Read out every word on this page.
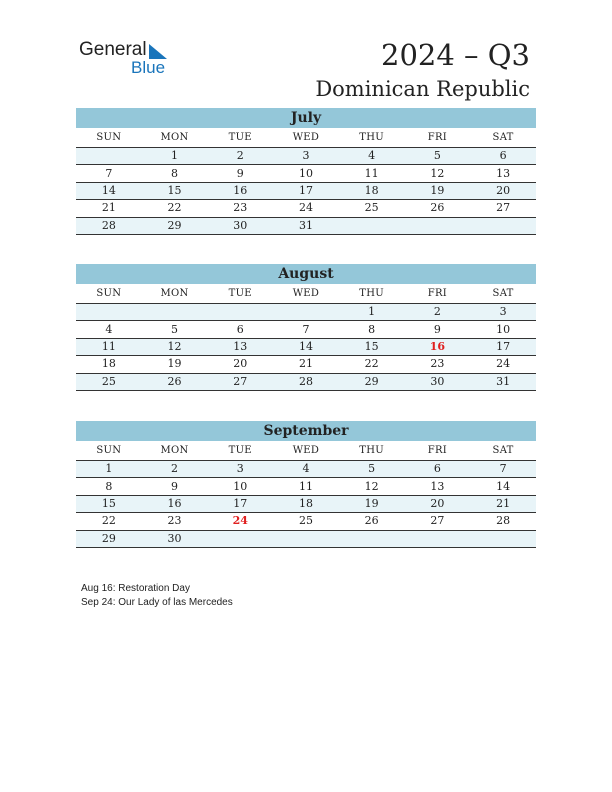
General
Blue	2024 – Q3
Dominican Republic
July
SUN	MON	TUE	WED	THU	FRI	SAT
	1	2	3	4	5	6
7	8	9	10	11	12	13
14	15	16	17	18	19	20
21	22	23	24	25	26	27
28	29	30	31			
August
SUN	MON	TUE	WED	THU	FRI	SAT
				1	2	3
4	5	6	7	8	9	10
11	12	13	14	15	16	17
18	19	20	21	22	23	24
25	26	27	28	29	30	31
September
SUN	MON	TUE	WED	THU	FRI	SAT
1	2	3	4	5	6	7
8	9	10	11	12	13	14
15	16	17	18	19	20	21
22	23	24	25	26	27	28
29	30					
Aug 16: Restoration Day
Sep 24: Our Lady of las Mercedes
